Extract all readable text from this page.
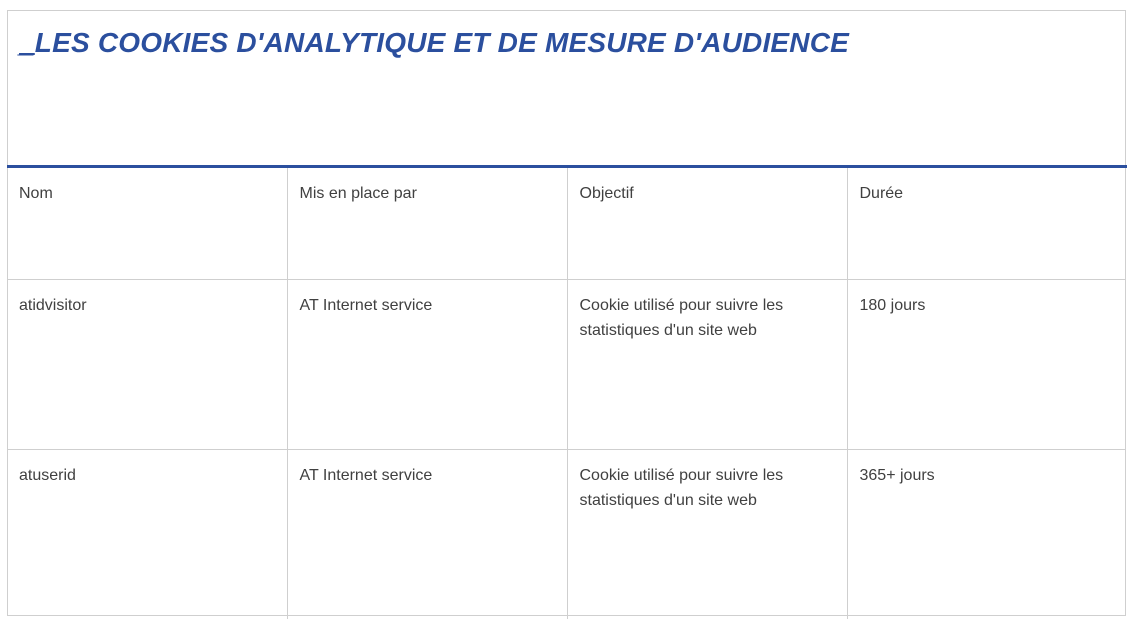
_LES COOKIES D'ANALYTIQUE ET DE MESURE D'AUDIENCE
Nom	Mis en place par	Objectif	Durée
atidvisitor	AT Internet service	Cookie utilisé pour suivre les statistiques d'un site web	180 jours
atuserid	AT Internet service	Cookie utilisé pour suivre les statistiques d'un site web	365+ jours
